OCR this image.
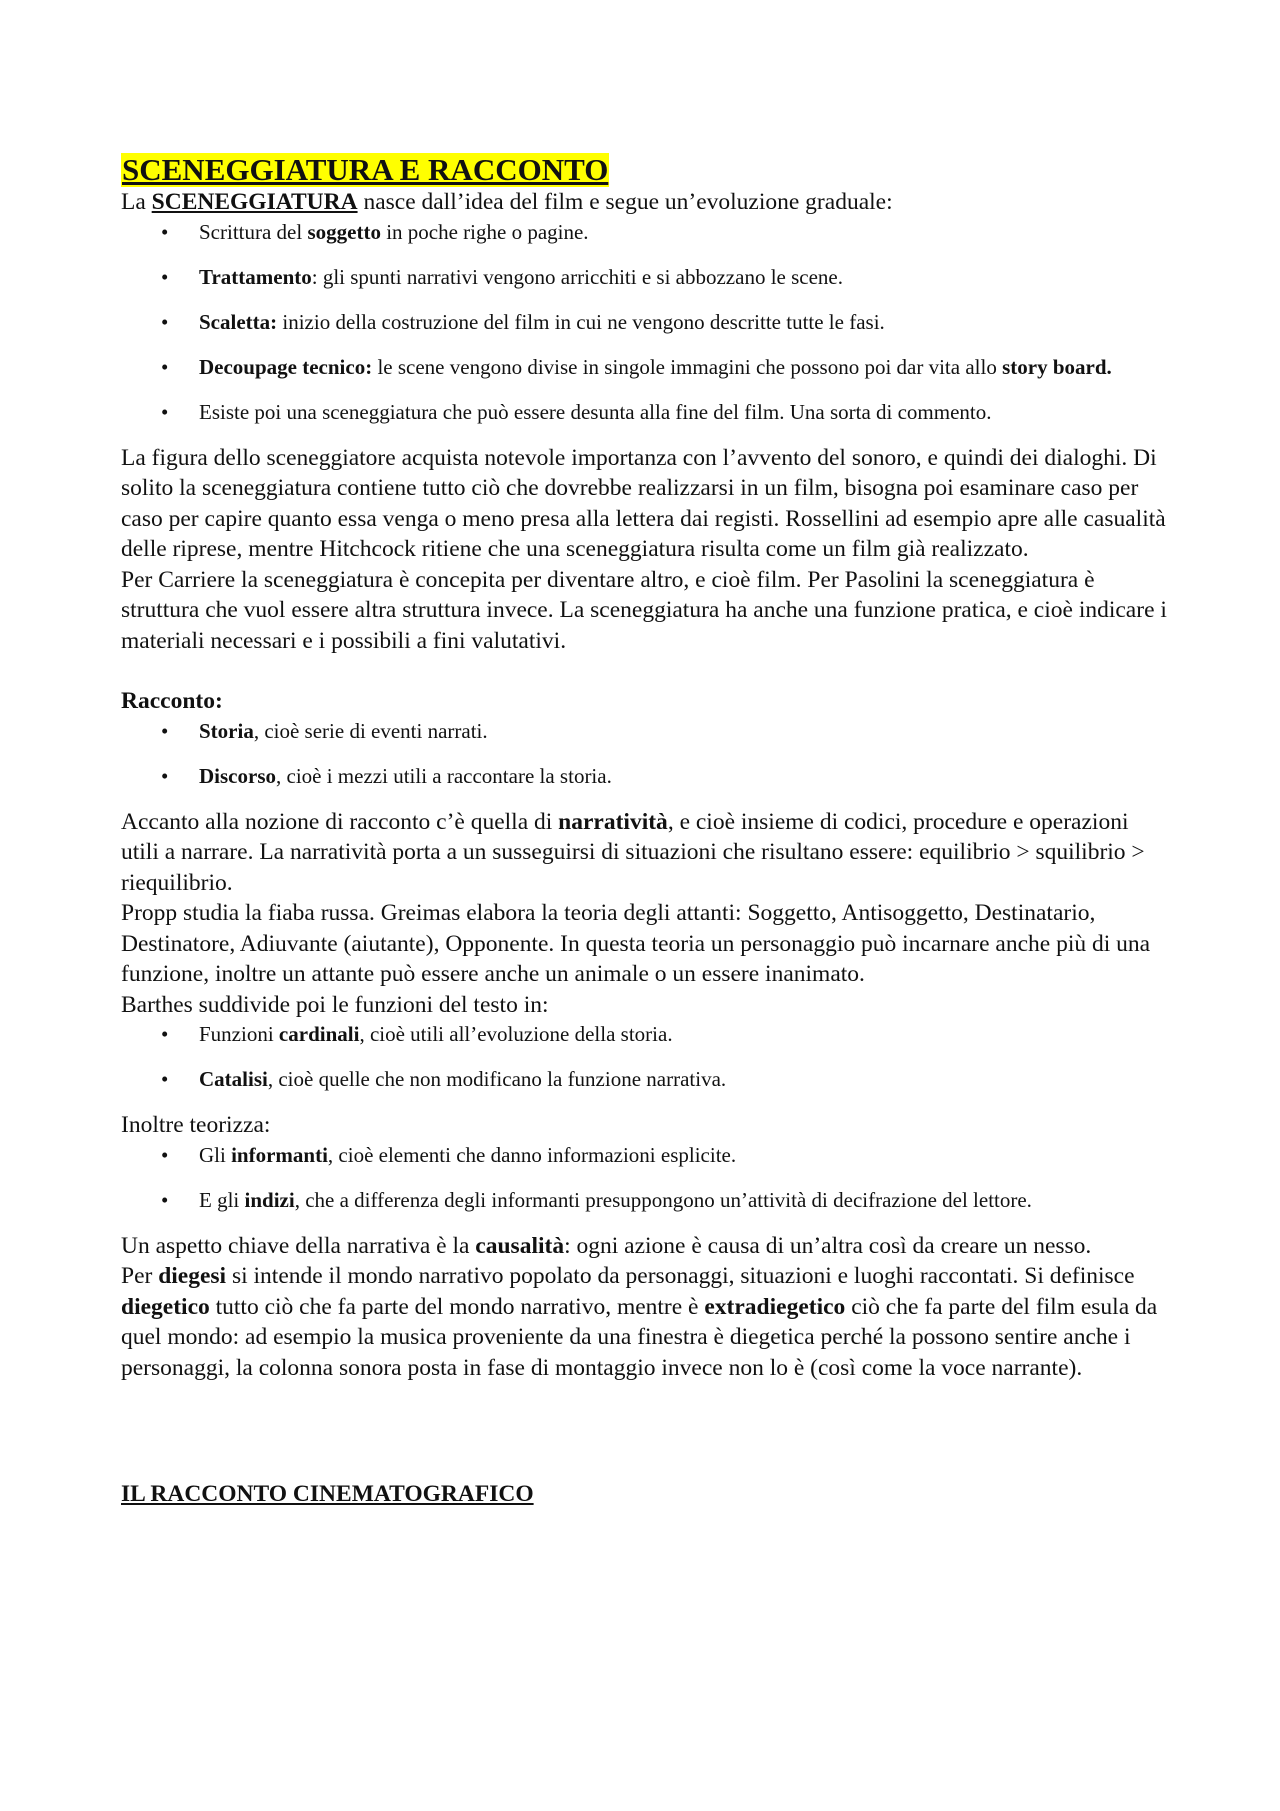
SCENEGGIATURA E RACCONTO

La SCENEGGIATURA nasce dall’idea del film e segue un’evoluzione graduale:

• Scrittura del soggetto in poche righe o pagine.
• Trattamento: gli spunti narrativi vengono arricchiti e si abbozzano le scene.
• Scaletta: inizio della costruzione del film in cui ne vengono descritte tutte le fasi.
• Decoupage tecnico: le scene vengono divise in singole immagini che possono poi dar vita allo story board.
• Esiste poi una sceneggiatura che può essere desunta alla fine del film. Una sorta di commento.

La figura dello sceneggiatore acquista notevole importanza con l’avvento del sonoro, e quindi dei dialoghi. Di solito la sceneggiatura contiene tutto ciò che dovrebbe realizzarsi in un film, bisogna poi esaminare caso per caso per capire quanto essa venga o meno presa alla lettera dai registi. Rossellini ad esempio apre alle casualità delle riprese, mentre Hitchcock ritiene che una sceneggiatura risulta come un film già realizzato.

Per Carriere la sceneggiatura è concepita per diventare altro, e cioè film. Per Pasolini la sceneggiatura è struttura che vuol essere altra struttura invece. La sceneggiatura ha anche una funzione pratica, e cioè indicare i materiali necessari e i possibili a fini valutativi.

Racconto:

• Storia, cioè serie di eventi narrati.
• Discorso, cioè i mezzi utili a raccontare la storia.

Accanto alla nozione di racconto c’è quella di narratività, e cioè insieme di codici, procedure e operazioni utili a narrare. La narratività porta a un susseguirsi di situazioni che risultano essere: equilibrio > squilibrio > riequilibrio.

Propp studia la fiaba russa. Greimas elabora la teoria degli attanti: Soggetto, Antisoggetto, Destinatario, Destinatore, Adiuvante (aiutante), Opponente. In questa teoria un personaggio può incarnare anche più di una funzione, inoltre un attante può essere anche un animale o un essere inanimato.

Barthes suddivide poi le funzioni del testo in:

• Funzioni cardinali, cioè utili all’evoluzione della storia.
• Catalisi, cioè quelle che non modificano la funzione narrativa.

Inoltre teorizza:

• Gli informanti, cioè elementi che danno informazioni esplicite.
• E gli indizi, che a differenza degli informanti presuppongono un’attività di decifrazione del lettore.

Un aspetto chiave della narrativa è la causalità: ogni azione è causa di un’altra così da creare un nesso.

Per diegesi si intende il mondo narrativo popolato da personaggi, situazioni e luoghi raccontati. Si definisce diegetico tutto ciò che fa parte del mondo narrativo, mentre è extradiegetico ciò che fa parte del film esula da quel mondo: ad esempio la musica proveniente da una finestra è diegetica perché la possono sentire anche i personaggi, la colonna sonora posta in fase di montaggio invece non lo è (così come la voce narrante).

IL RACCONTO CINEMATOGRAFICO
